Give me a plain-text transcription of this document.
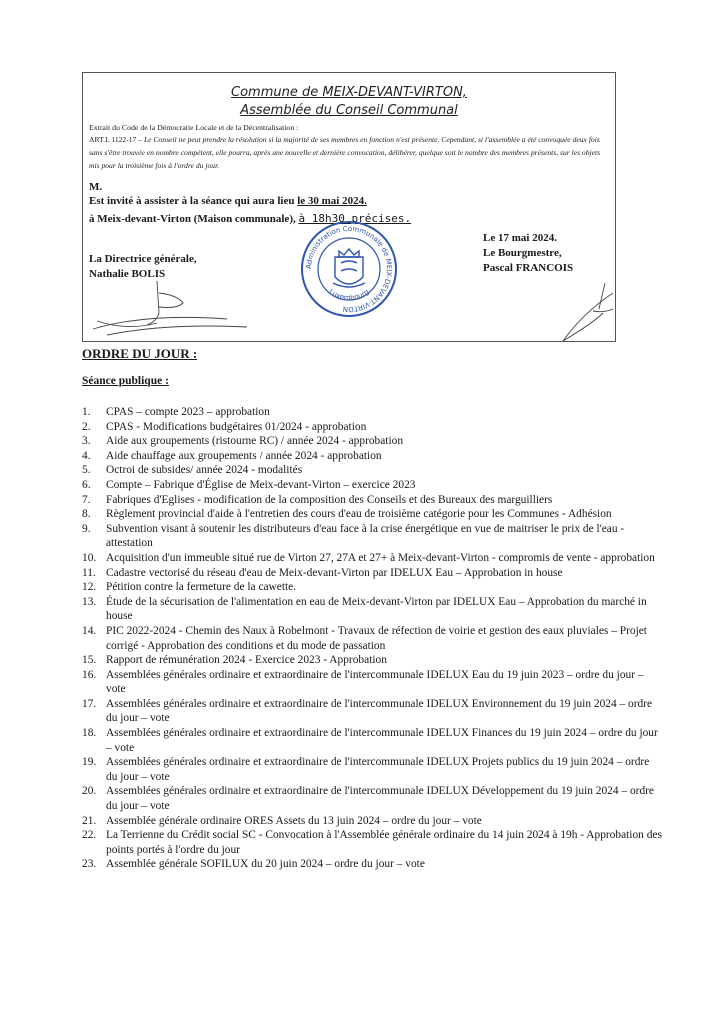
Commune de MEIX-DEVANT-VIRTON,
Assemblée du Conseil Communal
Extrait du Code de la Démocratie Locale et de la Décentralisation :
ART.L 1122-17 – Le Conseil ne peut prendre la résolution si la majorité de ses membres en fonction n'est présente. Cependant, si l'assemblée a été convoquée deux fois sans s'être trouvée en nombre compétent, elle pourra, après une nouvelle et dernière convocation, délibérer, quelque soit le nombre des membres présents, sur les objets mis pour la troisième fois à l'ordre du jour.
M.
Est invité à assister à la séance qui aura lieu le 30 mai 2024.
à Meix-devant-Virton (Maison communale), à 18h30 précises.
La Directrice générale,
Nathalie BOLIS
Le 17 mai 2024.
Le Bourgmestre,
Pascal FRANCOIS
Administration Communale de MEIX-DEVANT-VIRTON
Luxembourg
ORDRE DU JOUR :
Séance publique :
1.	CPAS – compte 2023 – approbation
2.	CPAS - Modifications budgétaires 01/2024 - approbation
3.	Aide aux groupements (ristourne RC) / année 2024 - approbation
4.	Aide chauffage aux groupements / année 2024 - approbation
5.	Octroi de subsides/ année 2024 - modalités
6.	Compte – Fabrique d'Église de Meix-devant-Virton – exercice 2023
7.	Fabriques d'Eglises - modification de la composition des Conseils et des Bureaux des marguilliers
8.	Règlement provincial d'aide à l'entretien des cours d'eau de troisième catégorie pour les Communes - Adhésion
9.	Subvention visant à soutenir les distributeurs d'eau face à la crise énergétique en vue de maitriser le prix de l'eau - attestation
10. Acquisition d'un immeuble situé rue de Virton 27, 27A et 27+ à Meix-devant-Virton - compromis de vente - approbation
11. Cadastre vectorisé du réseau d'eau de Meix-devant-Virton par IDELUX Eau – Approbation in house
12. Pétition contre la fermeture de la cawette.
13. Étude de la sécurisation de l'alimentation en eau de Meix-devant-Virton par IDELUX Eau – Approbation du marché in house
14. PIC 2022-2024 - Chemin des Naux à Robelmont - Travaux de réfection de voirie et gestion des eaux pluviales – Projet corrigé - Approbation des conditions et du mode de passation
15. Rapport de rémunération 2024 - Exercice 2023 - Approbation
16. Assemblées générales ordinaire et extraordinaire de l'intercommunale IDELUX Eau du 19 juin 2023 – ordre du jour – vote
17. Assemblées générales ordinaire et extraordinaire de l'intercommunale IDELUX Environnement du 19 juin 2024 – ordre du jour – vote
18. Assemblées générales ordinaire et extraordinaire de l'intercommunale IDELUX Finances du 19 juin 2024 – ordre du jour – vote
19. Assemblées générales ordinaire et extraordinaire de l'intercommunale IDELUX Projets publics du 19 juin 2024 – ordre du jour – vote
20. Assemblées générales ordinaire et extraordinaire de l'intercommunale IDELUX Développement du 19 juin 2024 – ordre du jour – vote
21. Assemblée générale ordinaire ORES Assets du 13 juin 2024 – ordre du jour – vote
22. La Terrienne du Crédit social SC - Convocation à l'Assemblée générale ordinaire du 14 juin 2024 à 19h - Approbation des points portés à l'ordre du jour
23. Assemblée générale SOFILUX du 20 juin 2024 – ordre du jour – vote
